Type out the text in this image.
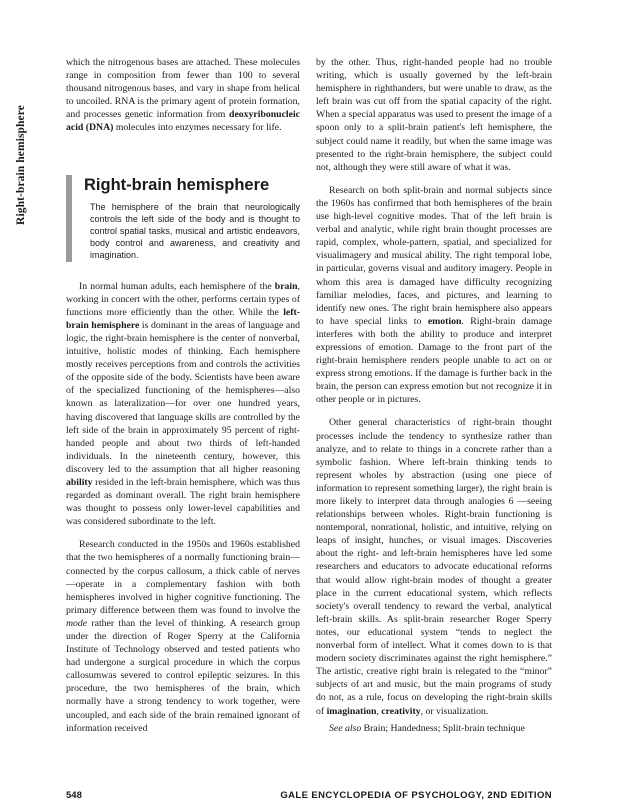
Right-brain hemisphere

which the nitrogenous bases are attached. These molecules range in composition from fewer than 100 to several thousand nitrogenous bases, and vary in shape from helical to uncoiled. RNA is the primary agent of protein formation, and processes genetic information from deoxyribonucleic acid (DNA) molecules into enzymes necessary for life.

Right-brain hemisphere
The hemisphere of the brain that neurologically controls the left side of the body and is thought to control spatial tasks, musical and artistic endeavors, body control and awareness, and creativity and imagination.

In normal human adults, each hemisphere of the brain, working in concert with the other, performs certain types of functions more efficiently than the other. While the left-brain hemisphere is dominant in the areas of language and logic, the right-brain hemisphere is the center of nonverbal, intuitive, holistic modes of thinking. Each hemisphere mostly receives perceptions from and controls the activities of the opposite side of the body. Scientists have been aware of the specialized functioning of the hemispheres—also known as lateralization—for over one hundred years, having discovered that language skills are controlled by the left side of the brain in approximately 95 percent of right-handed people and about two thirds of left-handed individuals. In the nineteenth century, however, this discovery led to the assumption that all higher reasoning ability resided in the left-brain hemisphere, which was thus regarded as dominant overall. The right brain hemisphere was thought to possess only lower-level capabilities and was considered subordinate to the left.

Research conducted in the 1950s and 1960s established that the two hemispheres of a normally functioning brain—connected by the corpus callosum, a thick cable of nerves—operate in a complementary fashion with both hemispheres involved in higher cognitive functioning. The primary difference between them was found to involve the mode rather than the level of thinking. A research group under the direction of Roger Sperry at the California Institute of Technology observed and tested patients who had undergone a surgical procedure in which the corpus callosumwas severed to control epileptic seizures. In this procedure, the two hemispheres of the brain, which normally have a strong tendency to work together, were uncoupled, and each side of the brain remained ignorant of information received

by the other. Thus, right-handed people had no trouble writing, which is usually governed by the left-brain hemisphere in righthanders, but were unable to draw, as the left brain was cut off from the spatial capacity of the right. When a special apparatus was used to present the image of a spoon only to a split-brain patient's left hemisphere, the subject could name it readily, but when the same image was presented to the right-brain hemisphere, the subject could not, although they were still aware of what it was.

Research on both split-brain and normal subjects since the 1960s has confirmed that both hemispheres of the brain use high-level cognitive modes. That of the left brain is verbal and analytic, while right brain thought processes are rapid, complex, whole-pattern, spatial, and specialized for visualimagery and musical ability. The right temporal lobe, in particular, governs visual and auditory imagery. People in whom this area is damaged have difficulty recognizing familiar melodies, faces, and pictures, and learning to identify new ones. The right brain hemisphere also appears to have special links to emotion. Right-brain damage interferes with both the ability to produce and interpret expressions of emotion. Damage to the front part of the right-brain hemisphere renders people unable to act on or express strong emotions. If the damage is further back in the brain, the person can express emotion but not recognize it in other people or in pictures.

Other general characteristics of right-brain thought processes include the tendency to synthesize rather than analyze, and to relate to things in a concrete rather than a symbolic fashion. Where left-brain thinking tends to represent wholes by abstraction (using one piece of information to represent something larger), the right brain is more likely to interpret data through analogies 6 —seeing relationships between wholes. Right-brain functioning is nontemporal, nonrational, holistic, and intuitive, relying on leaps of insight, hunches, or visual images. Discoveries about the right- and left-brain hemispheres have led some researchers and educators to advocate educational reforms that would allow right-brain modes of thought a greater place in the current educational system, which reflects society's overall tendency to reward the verbal, analytical left-brain skills. As split-brain researcher Roger Sperry notes, our educational system “tends to neglect the nonverbal form of intellect. What it comes down to is that modern society discriminates against the right hemisphere.” The artistic, creative right brain is relegated to the “minor” subjects of art and music, but the main programs of study do not, as a rule, focus on developing the right-brain skills of imagination, creativity, or visualization.

See also Brain; Handedness; Split-brain technique

548	GALE ENCYCLOPEDIA OF PSYCHOLOGY, 2ND EDITION
